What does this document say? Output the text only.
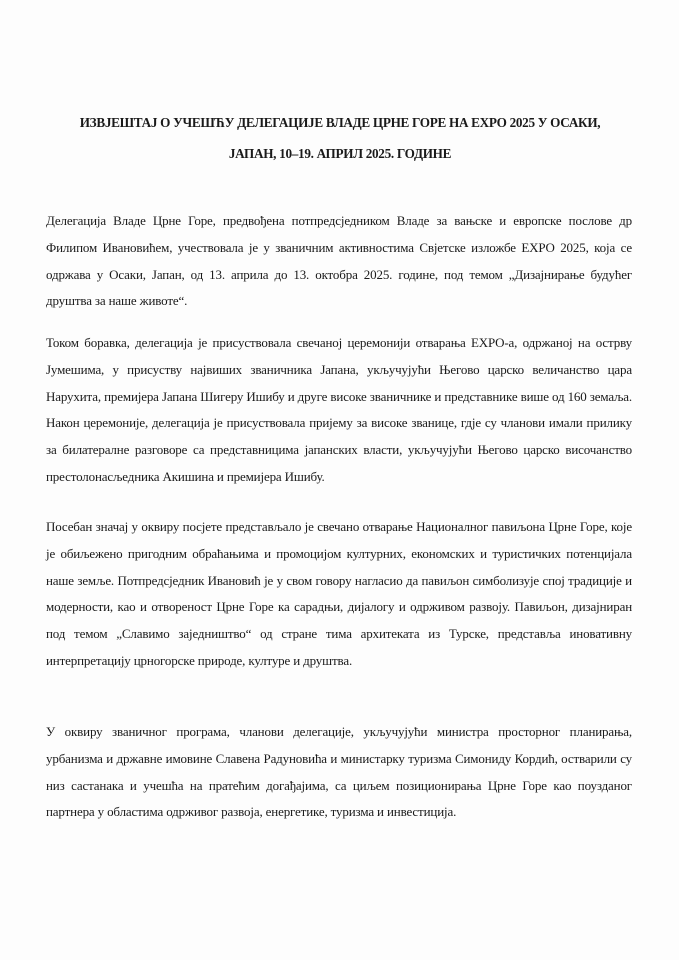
ИЗВЈЕШТАЈ О УЧЕШЋУ ДЕЛЕГАЦИЈЕ ВЛАДЕ ЦРНЕ ГОРЕ НА EXPO 2025 У ОСАКИ,
ЈАПАН, 10–19. АПРИЛ 2025. ГОДИНЕ

Делегација Владе Црне Горе, предвођена потпредсједником Владе за вањске и европске послове др Филипом Ивановићем, учествовала је у званичним активностима Свјетске изложбе EXPO 2025, која се одржава у Осаки, Јапан, од 13. априла до 13. октобра 2025. године, под темом „Дизајнирање будућег друштва за наше животе“.

Током боравка, делегација је присуствовала свечаној церемонији отварања EXPO-а, одржаној на острву Јумешима, у присуству највиших званичника Јапана, укључујући Његово царско величанство цара Нарухита, премијера Јапана Шигеру Ишибу и друге високе званичнике и представнике више од 160 земаља. Након церемоније, делегација је присуствовала пријему за високе званице, гдје су чланови имали прилику за билатералне разговоре са представницима јапанских власти, укључујући Његово царско височанство престолонасљедника Акишина и премијера Ишибу.

Посебан значај у оквиру посјете представљало је свечано отварање Националног павиљона Црне Горе, које је обиљежено пригодним обраћањима и промоцијом културних, економских и туристичких потенцијала наше земље. Потпредсједник Ивановић је у свом говору нагласио да павиљон симболизује спој традиције и модерности, као и отвореност Црне Горе ка сарадњи, дијалогу и одрживом развоју. Павиљон, дизајниран под темом „Славимо заједништво“ од стране тима архитеката из Турске, представља иновативну интерпретацију црногорске природе, културе и друштва.

У оквиру званичног програма, чланови делегације, укључујући министра просторног планирања, урбанизма и државне имовине Славена Радуновића и министарку туризма Симониду Кордић, остварили су низ састанака и учешћа на пратећим догађајима, са циљем позиционирања Црне Горе као поузданог партнера у областима одрживог развоја, енергетике, туризма и инвестиција.
